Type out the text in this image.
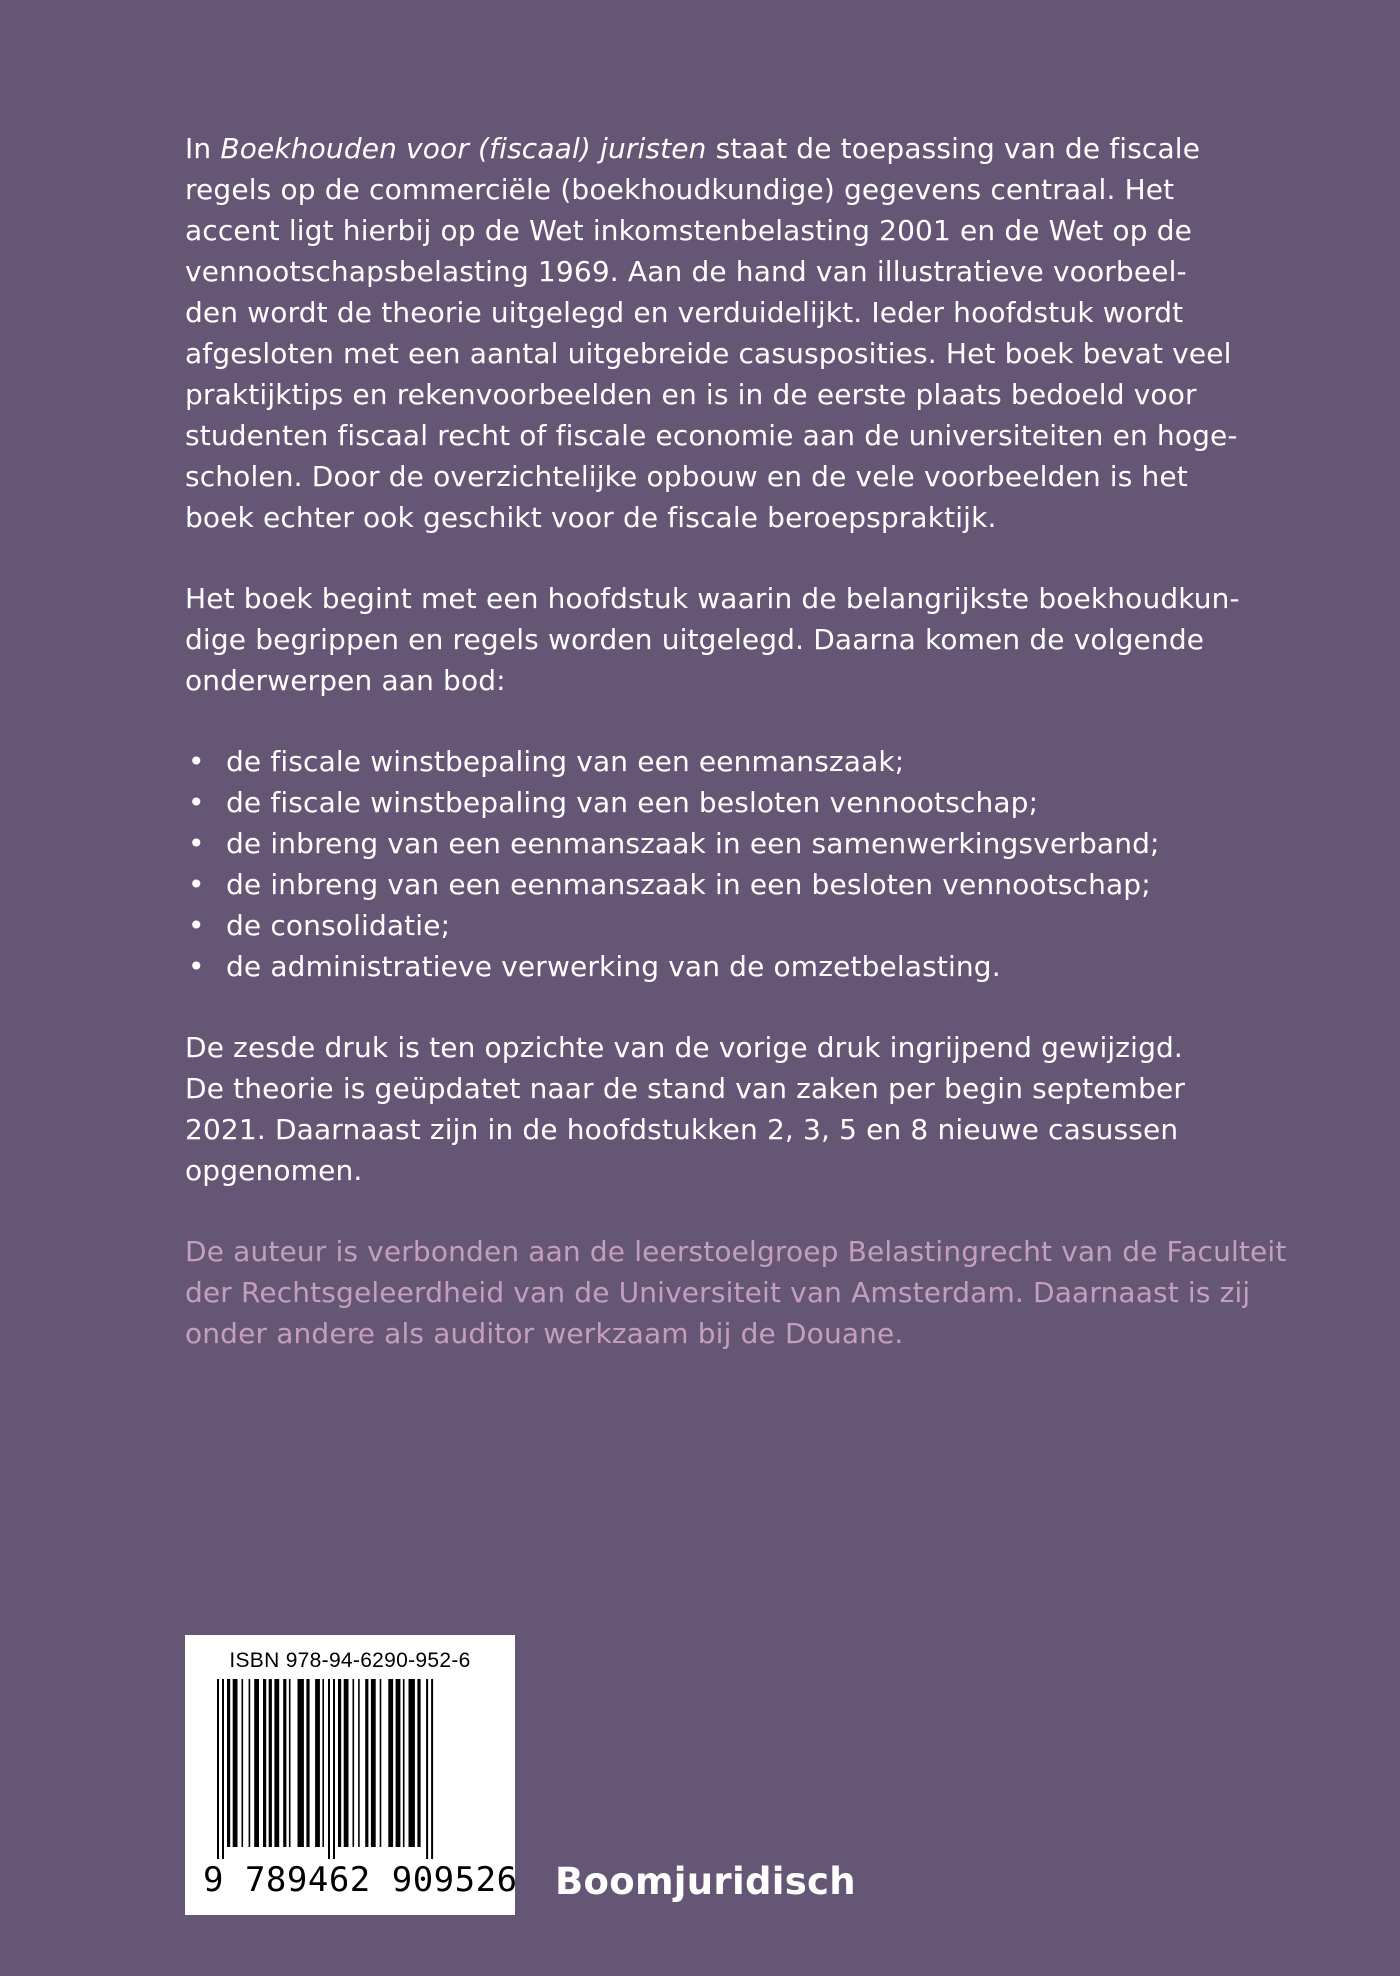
In Boekhouden voor (fiscaal) juristen staat de toepassing van de fiscale
regels op de commerciële (boekhoudkundige) gegevens centraal. Het
accent ligt hierbij op de Wet inkomstenbelasting 2001 en de Wet op de
vennootschapsbelasting 1969. Aan de hand van illustratieve voorbeel-
den wordt de theorie uitgelegd en verduidelijkt. Ieder hoofdstuk wordt
afgesloten met een aantal uitgebreide casusposities. Het boek bevat veel
praktijktips en rekenvoorbeelden en is in de eerste plaats bedoeld voor
studenten fiscaal recht of fiscale economie aan de universiteiten en hoge-
scholen. Door de overzichtelijke opbouw en de vele voorbeelden is het
boek echter ook geschikt voor de fiscale beroepspraktijk.

Het boek begint met een hoofdstuk waarin de belangrijkste boekhoudkun-
dige begrippen en regels worden uitgelegd. Daarna komen de volgende
onderwerpen aan bod:

• de fiscale winstbepaling van een eenmanszaak;
• de fiscale winstbepaling van een besloten vennootschap;
• de inbreng van een eenmanszaak in een samenwerkingsverband;
• de inbreng van een eenmanszaak in een besloten vennootschap;
• de consolidatie;
• de administratieve verwerking van de omzetbelasting.

De zesde druk is ten opzichte van de vorige druk ingrijpend gewijzigd.
De theorie is geüpdatet naar de stand van zaken per begin september
2021. Daarnaast zijn in de hoofdstukken 2, 3, 5 en 8 nieuwe casussen
opgenomen.

De auteur is verbonden aan de leerstoelgroep Belastingrecht van de Faculteit
der Rechtsgeleerdheid van de Universiteit van Amsterdam. Daarnaast is zij
onder andere als auditor werkzaam bij de Douane.

ISBN 978-94-6290-952-6
9 789462 909526 Boomjuridisch
